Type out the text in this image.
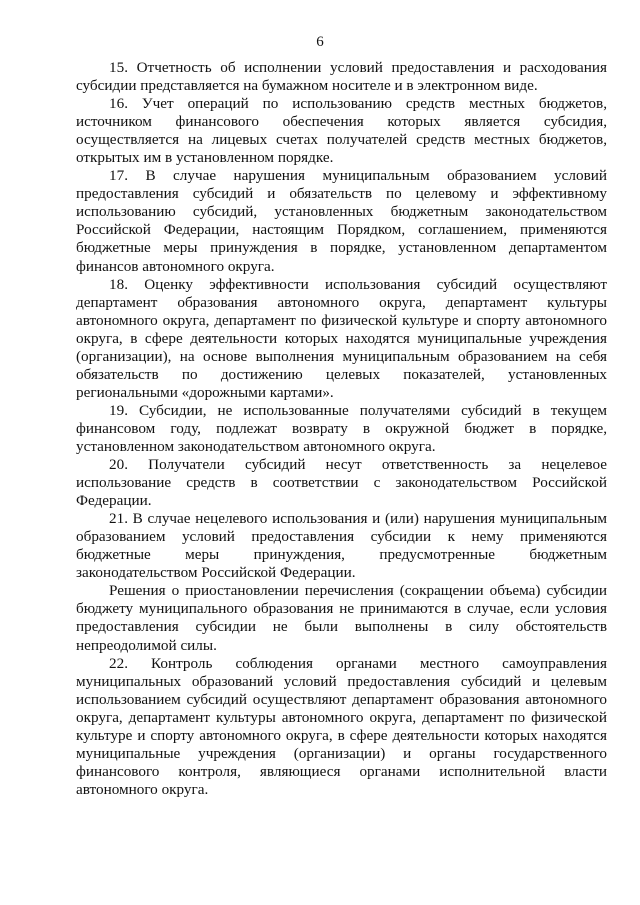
6

15. Отчетность об исполнении условий предоставления и расходования субсидии представляется на бумажном носителе и в электронном виде.

16. Учет операций по использованию средств местных бюджетов, источником финансового обеспечения которых является субсидия, осуществляется на лицевых счетах получателей средств местных бюджетов, открытых им в установленном порядке.

17. В случае нарушения муниципальным образованием условий предоставления субсидий и обязательств по целевому и эффективному использованию субсидий, установленных бюджетным законодательством Российской Федерации, настоящим Порядком, соглашением, применяются бюджетные меры принуждения в порядке, установленном департаментом финансов автономного округа.

18. Оценку эффективности использования субсидий осуществляют департамент образования автономного округа, департамент культуры автономного округа, департамент по физической культуре и спорту автономного округа, в сфере деятельности которых находятся муниципальные учреждения (организации), на основе выполнения муниципальным образованием на себя обязательств по достижению целевых показателей, установленных региональными «дорожными картами».

19. Субсидии, не использованные получателями субсидий в текущем финансовом году, подлежат возврату в окружной бюджет в порядке, установленном законодательством автономного округа.

20. Получатели субсидий несут ответственность за нецелевое использование средств в соответствии с законодательством Российской Федерации.

21. В случае нецелевого использования и (или) нарушения муниципальным образованием условий предоставления субсидии к нему применяются бюджетные меры принуждения, предусмотренные бюджетным законодательством Российской Федерации.

Решения о приостановлении перечисления (сокращении объема) субсидии бюджету муниципального образования не принимаются в случае, если условия предоставления субсидии не были выполнены в силу обстоятельств непреодолимой силы.

22. Контроль соблюдения органами местного самоуправления муниципальных образований условий предоставления субсидий и целевым использованием субсидий осуществляют департамент образования автономного округа, департамент культуры автономного округа, департамент по физической культуре и спорту автономного округа, в сфере деятельности которых находятся муниципальные учреждения (организации) и органы государственного финансового контроля, являющиеся органами исполнительной власти автономного округа.
